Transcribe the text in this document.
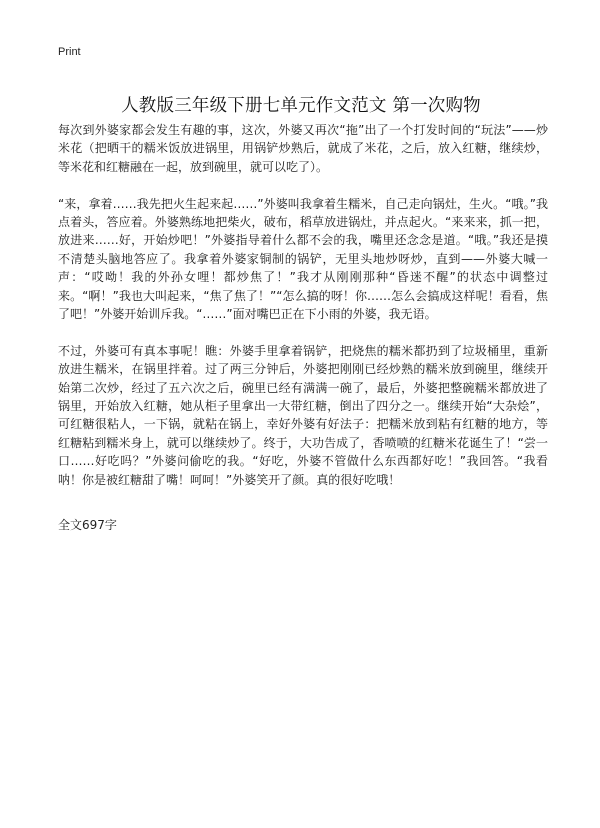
Print
人教版三年级下册七单元作文范文 第一次购物

每次到外婆家都会发生有趣的事，这次，外婆又再次“拖”出了一个打发时间的“玩法”——炒米花（把晒干的糯米饭放进锅里，用锅铲炒熟后，就成了米花，之后，放入红糖，继续炒，等米花和红糖融在一起，放到碗里，就可以吃了）。

“来，拿着……我先把火生起来起……”外婆叫我拿着生糯米，自己走向锅灶，生火。“哦。”我点着头，答应着。外婆熟练地把柴火，破布，稻草放进锅灶，并点起火。“来来来，抓一把，放进来……好，开始炒吧！”外婆指导着什么都不会的我，嘴里还念念是道。“哦。”我还是摸不清楚头脑地答应了。我拿着外婆家铜制的锅铲，无里头地炒呀炒，直到——外婆大喊一声：“哎呦！我的外孙女哩！都炒焦了！”我才从刚刚那种“昏迷不醒”的状态中调整过来。“啊！”我也大叫起来，“焦了焦了！”“怎么搞的呀！你……怎么会搞成这样呢！看看，焦了吧！”外婆开始训斥我。“……”面对嘴巴正在下小雨的外婆，我无语。

不过，外婆可有真本事呢！瞧：外婆手里拿着锅铲，把烧焦的糯米都扔到了垃圾桶里，重新放进生糯米，在锅里拌着。过了两三分钟后，外婆把刚刚已经炒熟的糯米放到碗里，继续开始第二次炒，经过了五六次之后，碗里已经有满满一碗了，最后，外婆把整碗糯米都放进了锅里，开始放入红糖，她从柜子里拿出一大带红糖，倒出了四分之一。继续开始“大杂烩”，可红糖很粘人，一下锅，就粘在锅上，幸好外婆有好法子：把糯米放到粘有红糖的地方，等红糖粘到糯米身上，就可以继续炒了。终于，大功告成了，香喷喷的红糖米花诞生了！“尝一口……好吃吗？”外婆问偷吃的我。“好吃，外婆不管做什么东西都好吃！”我回答。“我看呐！你是被红糖甜了嘴！呵呵！”外婆笑开了颜。真的很好吃哦！

全文697字
